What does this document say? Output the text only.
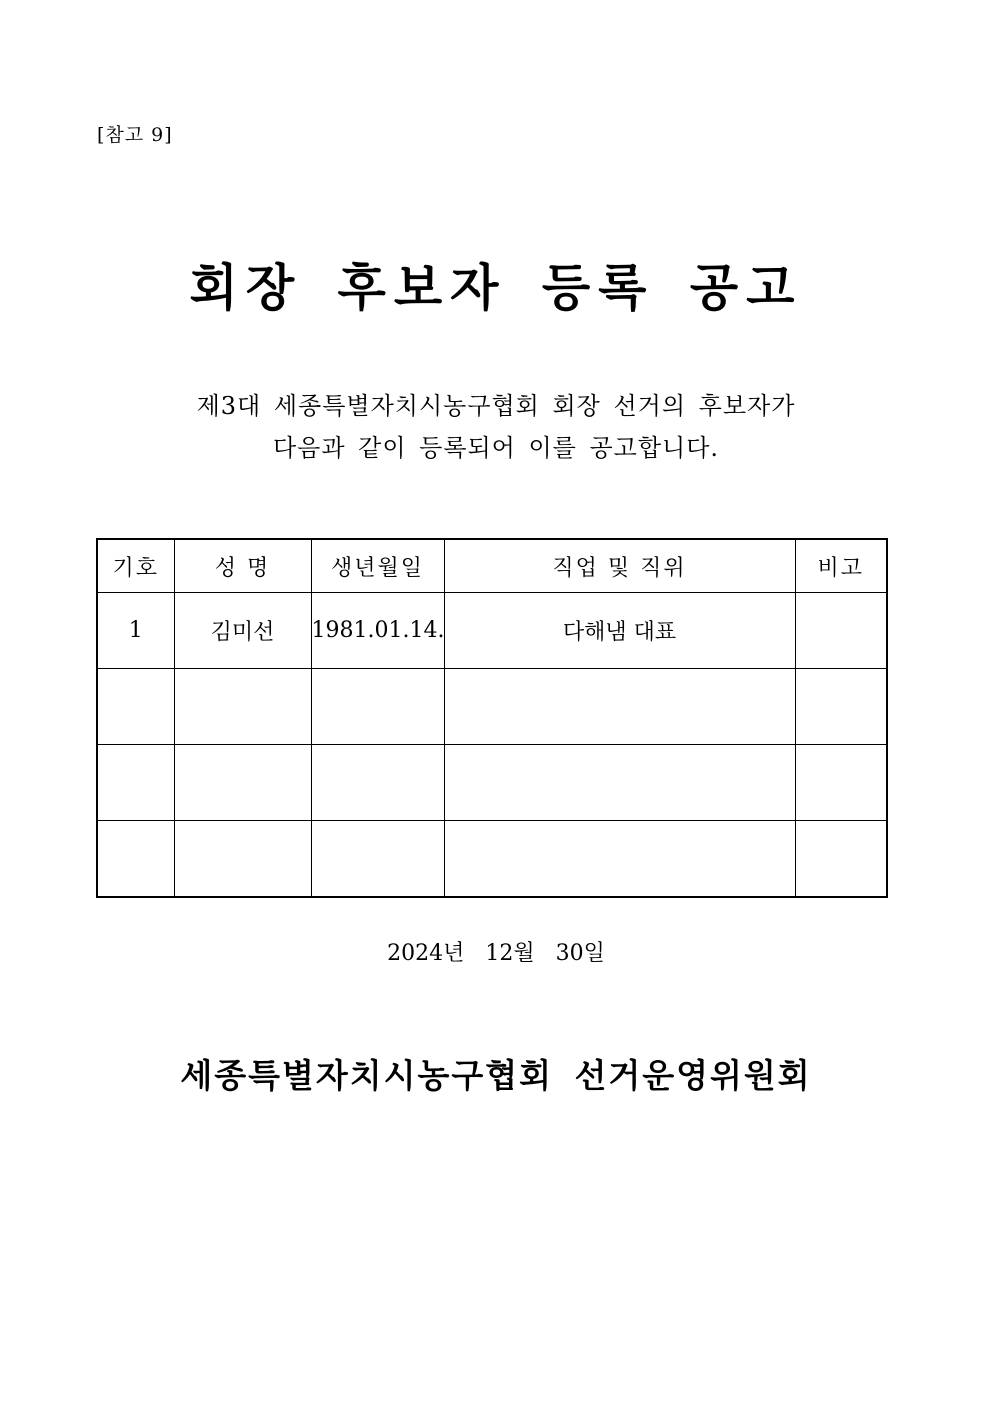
[참고 9]
회장 후보자 등록 공고
제3대 세종특별자치시농구협회 회장 선거의 후보자가
다음과 같이 등록되어 이를 공고합니다.
기호	성 명	생년월일	직업 및 직위	비고
1	김미선	1981.01.14.	다해냄 대표	

2024년   12월   30일
세종특별자치시농구협회 선거운영위원회
